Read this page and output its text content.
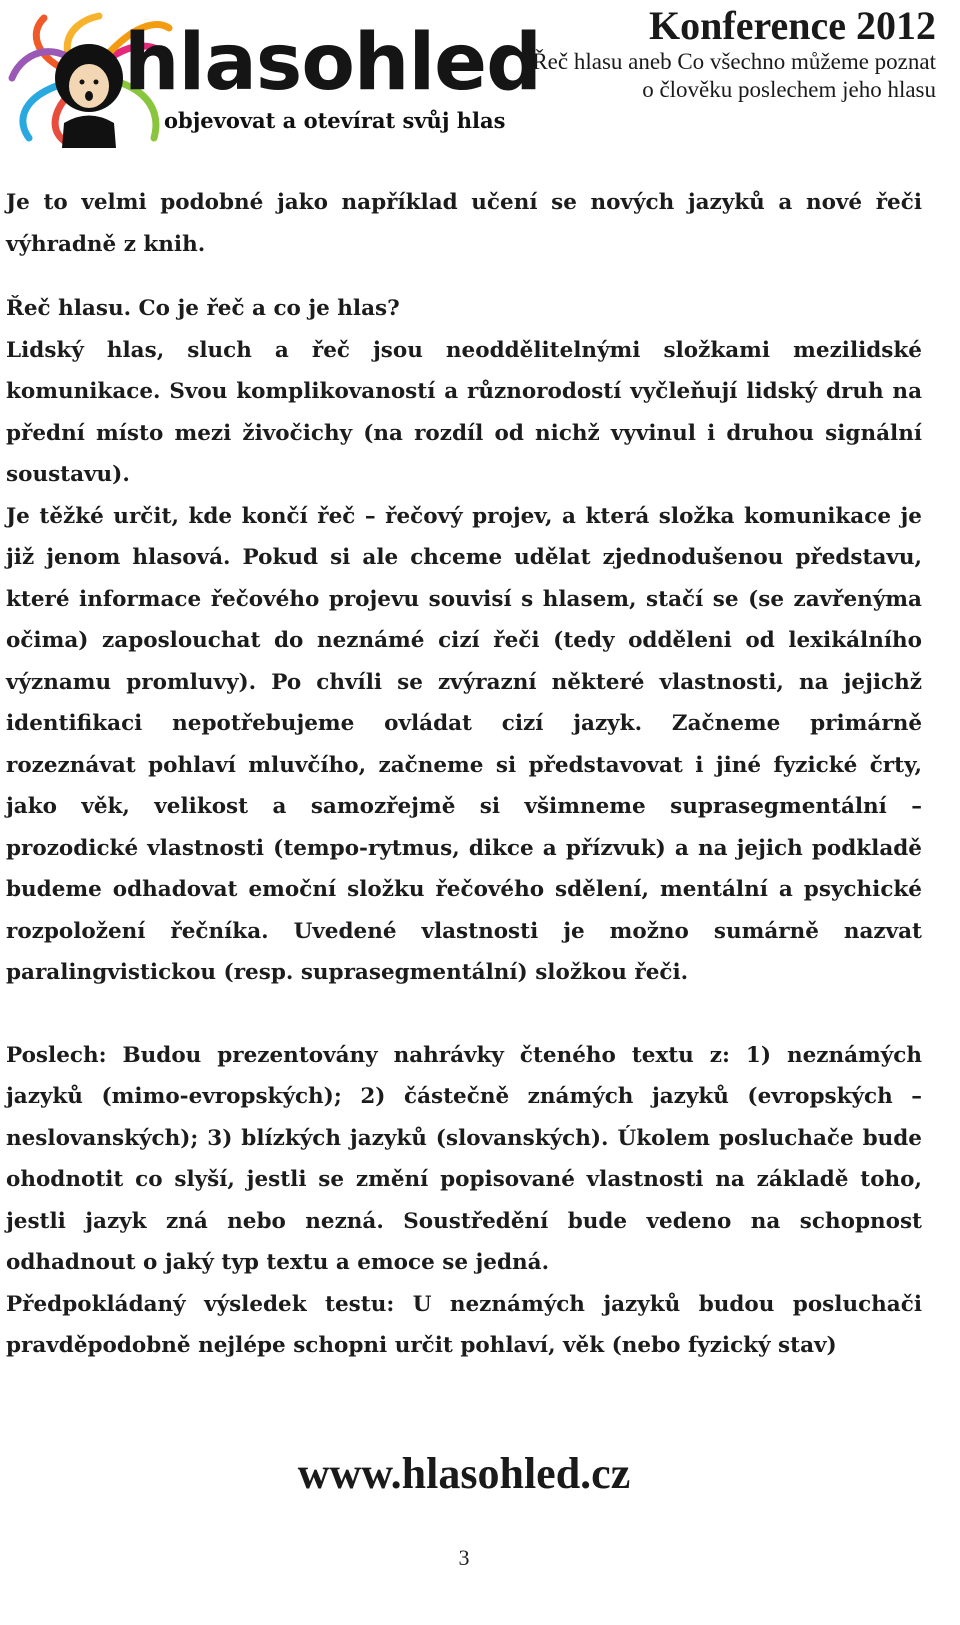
hlasohled
objevovat a otevírat svůj hlas
Konference 2012
Řeč hlasu aneb Co všechno můžeme poznat o člověku poslechem jeho hlasu

Je to velmi podobné jako například učení se nových jazyků a nové řeči výhradně z knih.

Řeč hlasu. Co je řeč a co je hlas?

Lidský hlas, sluch a řeč jsou neoddělitelnými složkami mezilidské komunikace. Svou komplikovaností a různorodostí vyčleňují lidský druh na přední místo mezi živočichy (na rozdíl od nichž vyvinul i druhou signální soustavu).

Je těžké určit, kde končí řeč – řečový projev, a která složka komunikace je již jenom hlasová. Pokud si ale chceme udělat zjednodušenou představu, které informace řečového projevu souvisí s hlasem, stačí se (se zavřenýma očima) zaposlouchat do neznámé cizí řeči (tedy odděleni od lexikálního významu promluvy). Po chvíli se zvýrazní některé vlastnosti, na jejichž identifikaci nepotřebujeme ovládat cizí jazyk. Začneme primárně rozeznávat pohlaví mluvčího, začneme si představovat i jiné fyzické črty, jako věk, velikost a samozřejmě si všimneme suprasegmentální – prozodické vlastnosti (tempo-rytmus, dikce a přízvuk) a na jejich podkladě budeme odhadovat emoční složku řečového sdělení, mentální a psychické rozpoložení řečníka. Uvedené vlastnosti je možno sumárně nazvat paralingvistickou (resp. suprasegmentální) složkou řeči.

Poslech: Budou prezentovány nahrávky čteného textu z: 1) neznámých jazyků (mimo-evropských); 2) částečně známých jazyků (evropských – neslovanských); 3) blízkých jazyků (slovanských). Úkolem posluchače bude ohodnotit co slyší, jestli se změní popisované vlastnosti na základě toho, jestli jazyk zná nebo nezná. Soustředění bude vedeno na schopnost odhadnout o jaký typ textu a emoce se jedná.

Předpokládaný výsledek testu: U neznámých jazyků budou posluchači pravděpodobně nejlépe schopni určit pohlaví, věk (nebo fyzický stav)

www.hlasohled.cz
3
